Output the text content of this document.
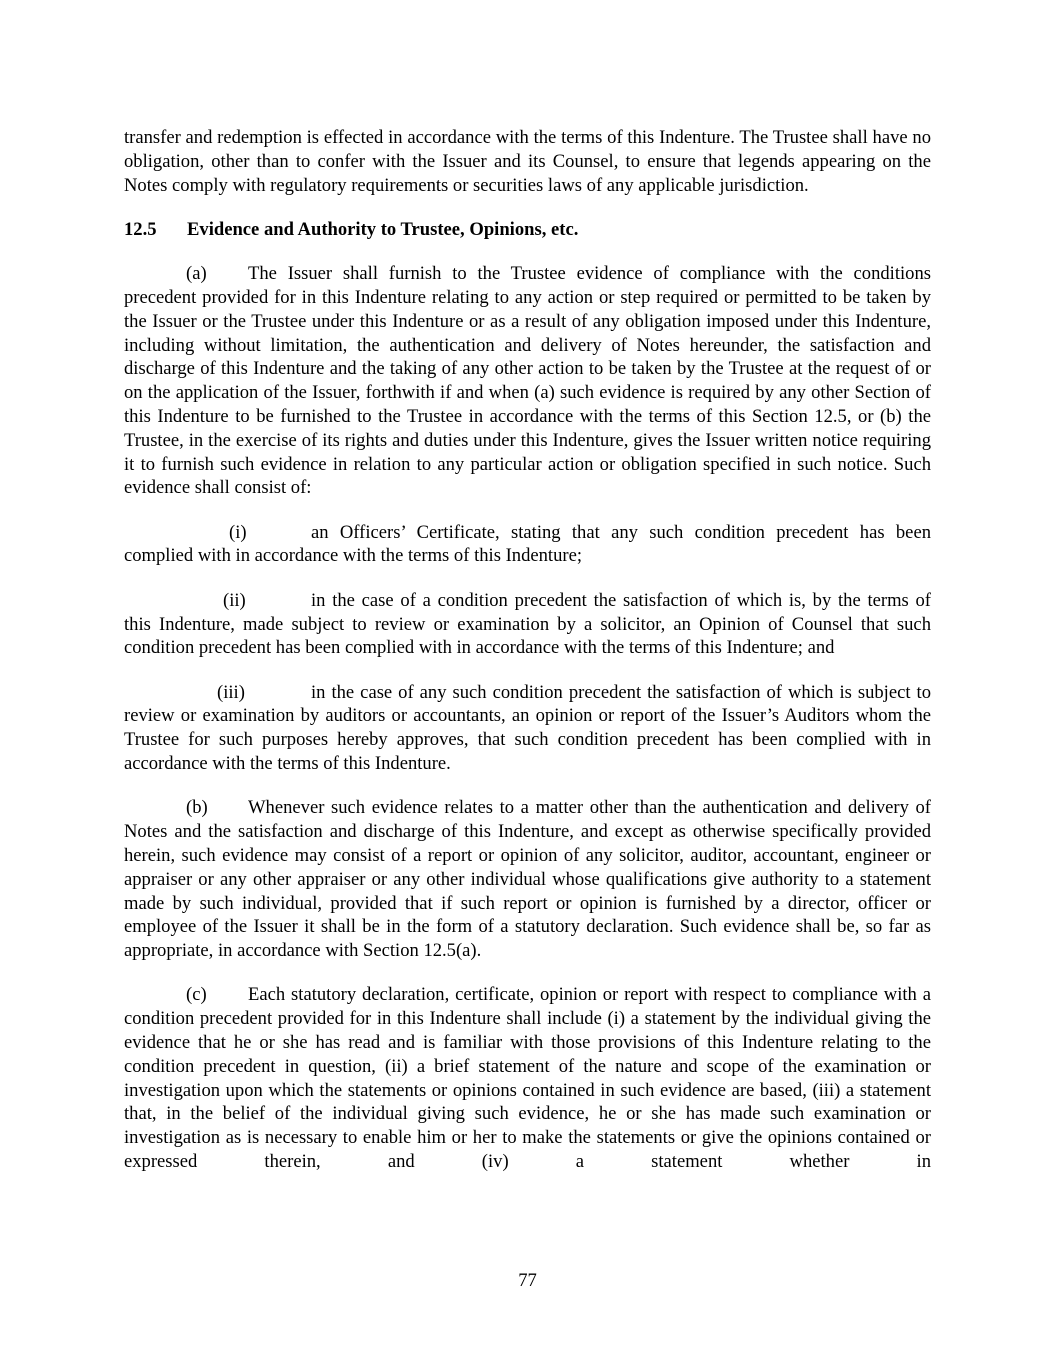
transfer and redemption is effected in accordance with the terms of this Indenture. The Trustee shall have no obligation, other than to confer with the Issuer and its Counsel, to ensure that legends appearing on the Notes comply with regulatory requirements or securities laws of any applicable jurisdiction.

12.5 Evidence and Authority to Trustee, Opinions, etc.

(a) The Issuer shall furnish to the Trustee evidence of compliance with the conditions precedent provided for in this Indenture relating to any action or step required or permitted to be taken by the Issuer or the Trustee under this Indenture or as a result of any obligation imposed under this Indenture, including without limitation, the authentication and delivery of Notes hereunder, the satisfaction and discharge of this Indenture and the taking of any other action to be taken by the Trustee at the request of or on the application of the Issuer, forthwith if and when (a) such evidence is required by any other Section of this Indenture to be furnished to the Trustee in accordance with the terms of this Section 12.5, or (b) the Trustee, in the exercise of its rights and duties under this Indenture, gives the Issuer written notice requiring it to furnish such evidence in relation to any particular action or obligation specified in such notice. Such evidence shall consist of:

(i)	an Officers’ Certificate, stating that any such condition precedent has been complied with in accordance with the terms of this Indenture;

(ii)	in the case of a condition precedent the satisfaction of which is, by the terms of this Indenture, made subject to review or examination by a solicitor, an Opinion of Counsel that such condition precedent has been complied with in accordance with the terms of this Indenture; and

(iii)	in the case of any such condition precedent the satisfaction of which is subject to review or examination by auditors or accountants, an opinion or report of the Issuer’s Auditors whom the Trustee for such purposes hereby approves, that such condition precedent has been complied with in accordance with the terms of this Indenture.

(b) Whenever such evidence relates to a matter other than the authentication and delivery of Notes and the satisfaction and discharge of this Indenture, and except as otherwise specifically provided herein, such evidence may consist of a report or opinion of any solicitor, auditor, accountant, engineer or appraiser or any other appraiser or any other individual whose qualifications give authority to a statement made by such individual, provided that if such report or opinion is furnished by a director, officer or employee of the Issuer it shall be in the form of a statutory declaration. Such evidence shall be, so far as appropriate, in accordance with Section 12.5(a).

(c) Each statutory declaration, certificate, opinion or report with respect to compliance with a condition precedent provided for in this Indenture shall include (i) a statement by the individual giving the evidence that he or she has read and is familiar with those provisions of this Indenture relating to the condition precedent in question, (ii) a brief statement of the nature and scope of the examination or investigation upon which the statements or opinions contained in such evidence are based, (iii) a statement that, in the belief of the individual giving such evidence, he or she has made such examination or investigation as is necessary to enable him or her to make the statements or give the opinions contained or expressed therein, and (iv) a statement whether in

77
